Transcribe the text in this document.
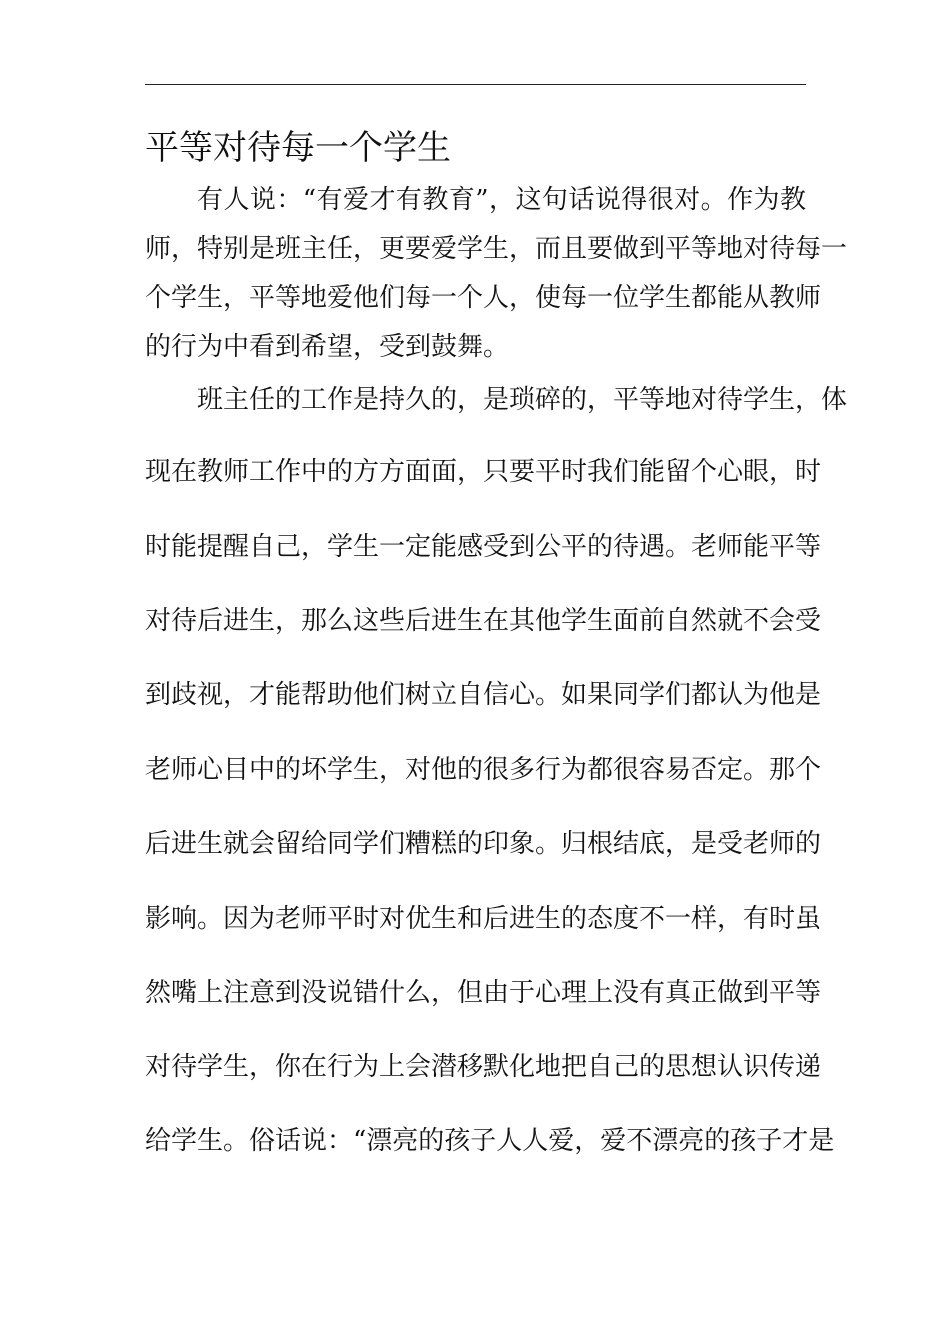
平等对待每一个学生
有人说：“有爱才有教育”，这句话说得很对。作为教
师，特别是班主任，更要爱学生，而且要做到平等地对待每一
个学生，平等地爱他们每一个人，使每一位学生都能从教师
的行为中看到希望，受到鼓舞。
班主任的工作是持久的，是琐碎的，平等地对待学生，体
现在教师工作中的方方面面，只要平时我们能留个心眼，时
时能提醒自己，学生一定能感受到公平的待遇。老师能平等
对待后进生，那么这些后进生在其他学生面前自然就不会受
到歧视，才能帮助他们树立自信心。如果同学们都认为他是
老师心目中的坏学生，对他的很多行为都很容易否定。那个
后进生就会留给同学们糟糕的印象。归根结底，是受老师的
影响。因为老师平时对优生和后进生的态度不一样，有时虽
然嘴上注意到没说错什么，但由于心理上没有真正做到平等
对待学生，你在行为上会潜移默化地把自己的思想认识传递
给学生。俗话说：“漂亮的孩子人人爱，爱不漂亮的孩子才是
